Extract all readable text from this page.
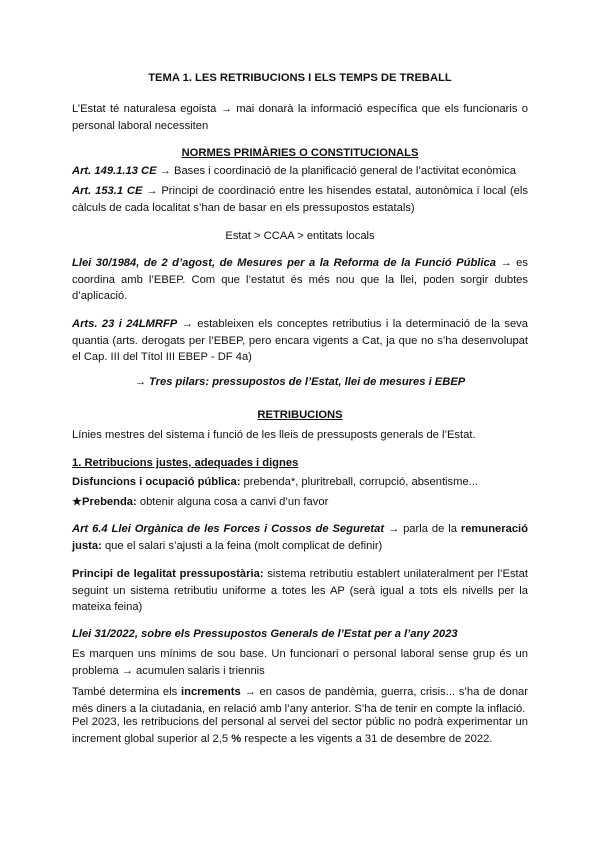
TEMA 1. LES RETRIBUCIONS I ELS TEMPS DE TREBALL

L’Estat té naturalesa egoista → mai donarà la informació específica que els funcionaris o personal laboral necessiten

NORMES PRIMÀRIES O CONSTITUCIONALS

Art. 149.1.13 CE → Bases i coordinació de la planificació general de l’activitat econòmica

Art. 153.1 CE → Principi de coordinació entre les hisendes estatal, autonòmica i local (els càlculs de cada localitat s’han de basar en els pressupostos estatals)

Estat > CCAA > entitats locals

Llei 30/1984, de 2 d’agost, de Mesures per a la Reforma de la Funció Pública → es coordina amb l’EBEP. Com que l’estatut és més nou que la llei, poden sorgir dubtes d’aplicació.

Arts. 23 i 24LMRFP → estableixen els conceptes retributius i la determinació de la seva quantia (arts. derogats per l’EBEP, pero encara vigents a Cat, ja que no s’ha desenvolupat el Cap. III del Títol III EBEP - DF 4a)

→ Tres pilars: pressupostos de l’Estat, llei de mesures i EBEP

RETRIBUCIONS

Línies mestres del sistema i funció de les lleis de pressuposts generals de l’Estat.

1. Retribucions justes, adequades i dignes

Disfuncions i ocupació pública: prebenda*, pluritreball, corrupció, absentisme...

★Prebenda: obtenir alguna cosa a canvi d’un favor

Art 6.4 Llei Orgànica de les Forces i Cossos de Seguretat → parla de la remuneració justa: que el salari s’ajusti a la feina (molt complicat de definir)

Principi de legalitat pressupostària: sistema retributiu establert unilateralment per l’Estat seguint un sistema retributiu uniforme a totes les AP (serà igual a tots els nivells per la mateixa feina)

Llei 31/2022, sobre els Pressupostos Generals de l’Estat per a l’any 2023

Es marquen uns mínims de sou base. Un funcionari o personal laboral sense grup és un problema → acumulen salaris i triennis

També determina els increments → en casos de pandèmia, guerra, crisis... s’ha de donar més diners a la ciutadania, en relació amb l’any anterior. S’ha de tenir en compte la inflació.

Pel 2023, les retribucions del personal al servei del sector públic no podrà experimentar un increment global superior al 2,5 % respecte a les vigents a 31 de desembre de 2022.
